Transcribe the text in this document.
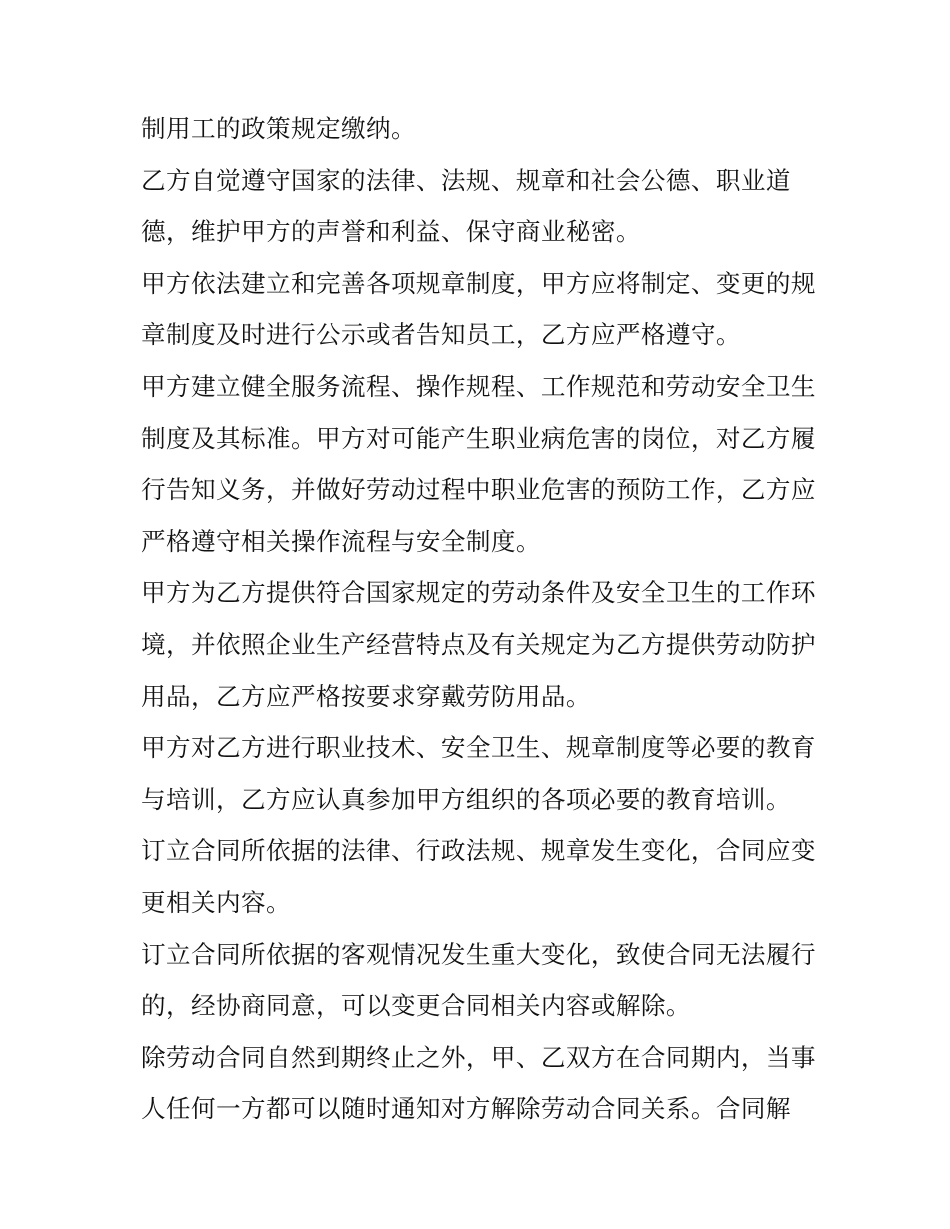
制用工的政策规定缴纳。

乙方自觉遵守国家的法律、法规、规章和社会公德、职业道
德，维护甲方的声誉和利益、保守商业秘密。

甲方依法建立和完善各项规章制度，甲方应将制定、变更的规
章制度及时进行公示或者告知员工，乙方应严格遵守。

甲方建立健全服务流程、操作规程、工作规范和劳动安全卫生
制度及其标准。甲方对可能产生职业病危害的岗位，对乙方履
行告知义务，并做好劳动过程中职业危害的预防工作，乙方应
严格遵守相关操作流程与安全制度。

甲方为乙方提供符合国家规定的劳动条件及安全卫生的工作环
境，并依照企业生产经营特点及有关规定为乙方提供劳动防护
用品，乙方应严格按要求穿戴劳防用品。

甲方对乙方进行职业技术、安全卫生、规章制度等必要的教育
与培训，乙方应认真参加甲方组织的各项必要的教育培训。

订立合同所依据的法律、行政法规、规章发生变化，合同应变
更相关内容。

订立合同所依据的客观情况发生重大变化，致使合同无法履行
的，经协商同意，可以变更合同相关内容或解除。

除劳动合同自然到期终止之外，甲、乙双方在合同期内，当事
人任何一方都可以随时通知对方解除劳动合同关系。合同解
